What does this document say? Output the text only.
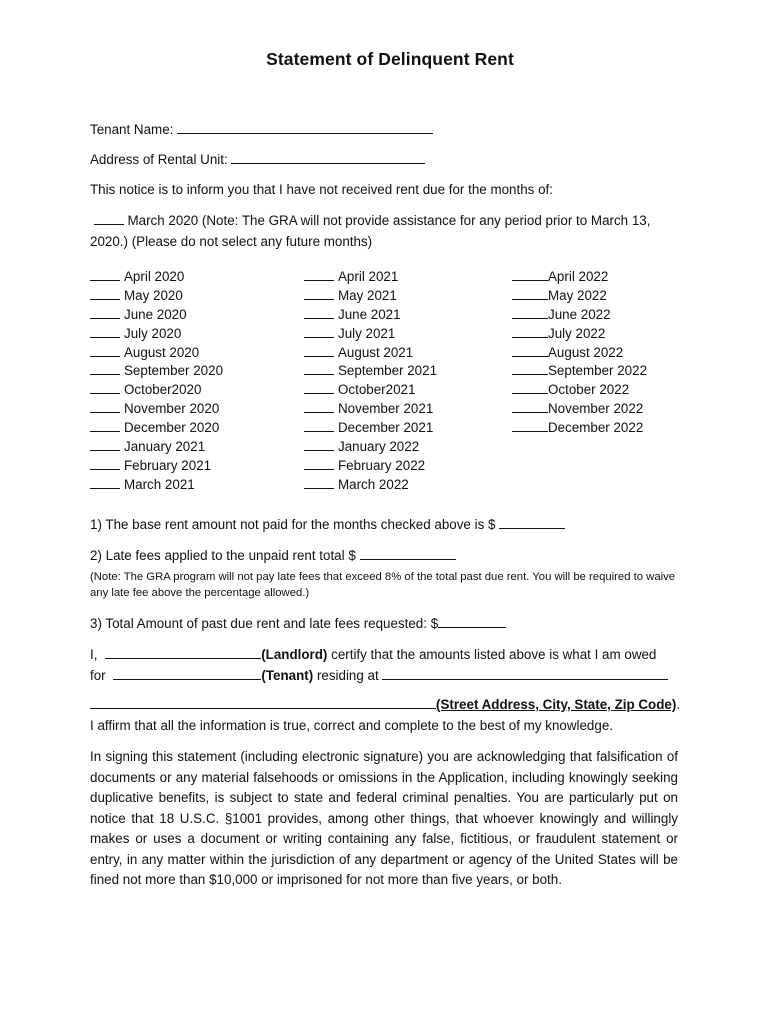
Statement of Delinquent Rent
Tenant Name:
Address of Rental Unit:
This notice is to inform you that I have not received rent due for the months of:
March 2020 (Note: The GRA will not provide assistance for any period prior to March 13, 2020.) (Please do not select any future months)
April 2020
May 2020
June 2020
July 2020
August 2020
September 2020
October2020
November 2020
December 2020
January 2021
February 2021
March 2021
April 2021
May 2021
June 2021
July 2021
August 2021
September 2021
October2021
November 2021
December 2021
January 2022
February 2022
March 2022
April 2022
May 2022
June 2022
July 2022
August 2022
September 2022
October 2022
November 2022
December 2022
1) The base rent amount not paid for the months checked above is $
2) Late fees applied to the unpaid rent total $
(Note: The GRA program will not pay late fees that exceed 8% of the total past due rent. You will be required to waive any late fee above the percentage allowed.)
3) Total Amount of past due rent and late fees requested: $
I,	(Landlord) certify that the amounts listed above is what I am owed
for	(Tenant) residing at
(Street Address, City, State, Zip Code).
I affirm that all the information is true, correct and complete to the best of my knowledge.
In signing this statement (including electronic signature) you are acknowledging that falsification of documents or any material falsehoods or omissions in the Application, including knowingly seeking duplicative benefits, is subject to state and federal criminal penalties. You are particularly put on notice that 18 U.S.C. §1001 provides, among other things, that whoever knowingly and willingly makes or uses a document or writing containing any false, fictitious, or fraudulent statement or entry, in any matter within the jurisdiction of any department or agency of the United States will be fined not more than $10,000 or imprisoned for not more than five years, or both.
